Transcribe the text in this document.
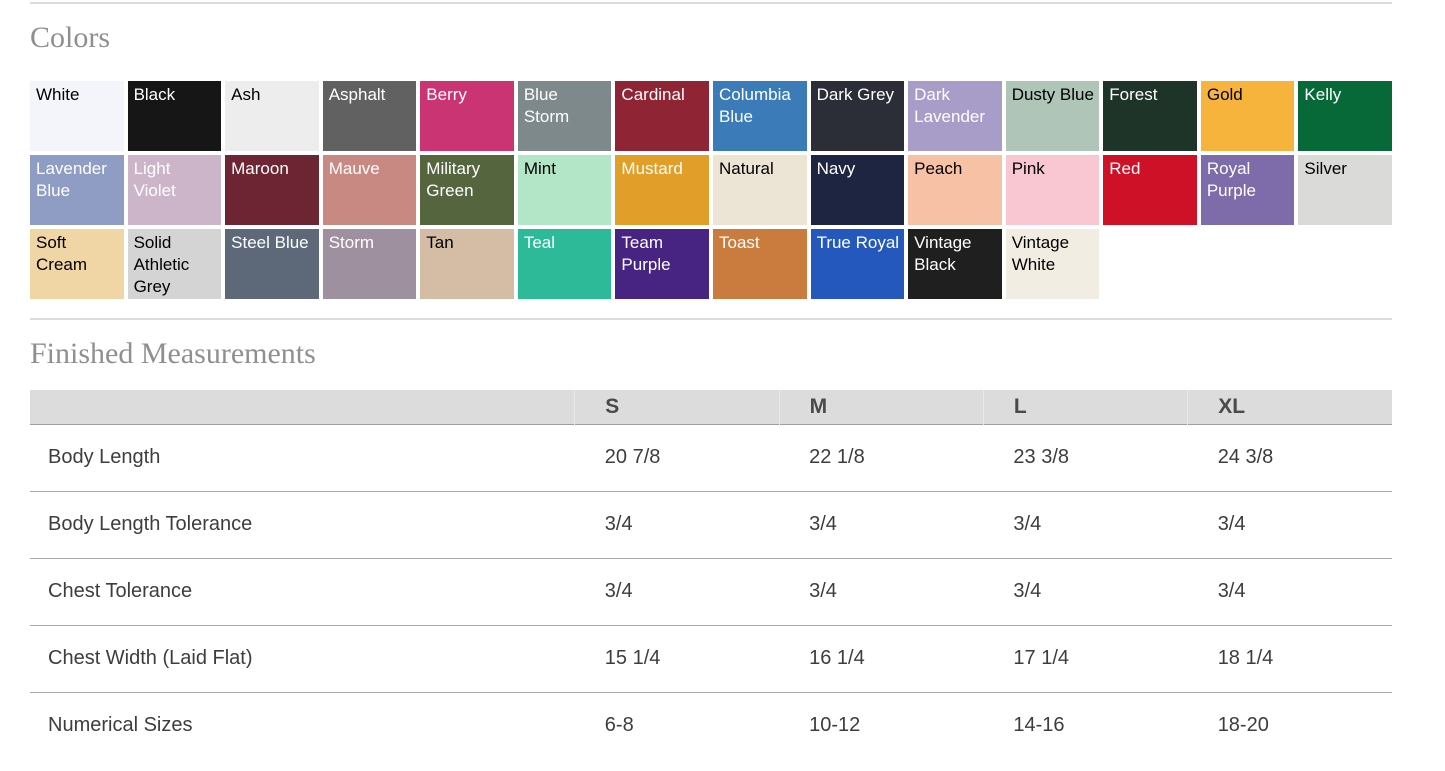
Colors
White	Black	Ash	Asphalt	Berry	Blue Storm
Cardinal	Columbia Blue
Dark Grey	Dark Lavender
Dusty Blue Forest	Gold	Kelly
Lavender Blue
Light Violet
Maroon	Mauve	Military Green
Mint	Mustard	Natural	Navy	Peach	Pink	Red	Royal Purple
Silver
Soft Cream
Solid Athletic Grey
Steel Blue	Storm	Tan	Teal	Team Purple
Toast	True Royal Vintage Black
Vintage White
Finished Measurements
	S	M	L	XL
Body Length	20 7/8	22 1/8	23 3/8	24 3/8
Body Length Tolerance	3/4	3/4	3/4	3/4
Chest Tolerance	3/4	3/4	3/4	3/4
Chest Width (Laid Flat)	15 1/4	16 1/4	17 1/4	18 1/4
Numerical Sizes	6-8	10-12	14-16	18-20
